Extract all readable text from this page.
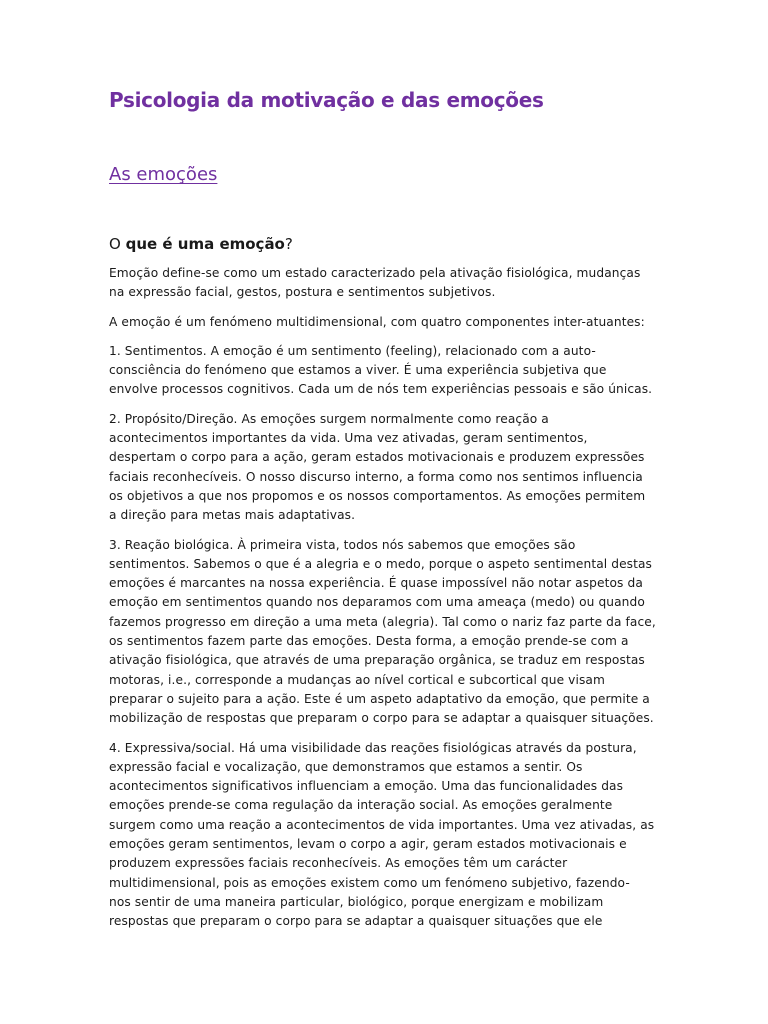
Psicologia da motivação e das emoções
As emoções

O que é uma emoção?

Emoção define-se como um estado caracterizado pela ativação fisiológica, mudanças
na expressão facial, gestos, postura e sentimentos subjetivos.

A emoção é um fenómeno multidimensional, com quatro componentes inter-atuantes:

1. Sentimentos. A emoção é um sentimento (feeling), relacionado com a auto-
consciência do fenómeno que estamos a viver. É uma experiência subjetiva que
envolve processos cognitivos. Cada um de nós tem experiências pessoais e são únicas.

2. Propósito/Direção. As emoções surgem normalmente como reação a
acontecimentos importantes da vida. Uma vez ativadas, geram sentimentos,
despertam o corpo para a ação, geram estados motivacionais e produzem expressões
faciais reconhecíveis. O nosso discurso interno, a forma como nos sentimos influencia
os objetivos a que nos propomos e os nossos comportamentos. As emoções permitem
a direção para metas mais adaptativas.

3. Reação biológica. À primeira vista, todos nós sabemos que emoções são
sentimentos. Sabemos o que é a alegria e o medo, porque o aspeto sentimental destas
emoções é marcantes na nossa experiência. É quase impossível não notar aspetos da
emoção em sentimentos quando nos deparamos com uma ameaça (medo) ou quando
fazemos progresso em direção a uma meta (alegria). Tal como o nariz faz parte da face,
os sentimentos fazem parte das emoções. Desta forma, a emoção prende-se com a
ativação fisiológica, que através de uma preparação orgânica, se traduz em respostas
motoras, i.e., corresponde a mudanças ao nível cortical e subcortical que visam
preparar o sujeito para a ação. Este é um aspeto adaptativo da emoção, que permite a
mobilização de respostas que preparam o corpo para se adaptar a quaisquer situações.

4. Expressiva/social. Há uma visibilidade das reações fisiológicas através da postura,
expressão facial e vocalização, que demonstramos que estamos a sentir. Os
acontecimentos significativos influenciam a emoção. Uma das funcionalidades das
emoções prende-se coma regulação da interação social. As emoções geralmente
surgem como uma reação a acontecimentos de vida importantes. Uma vez ativadas, as
emoções geram sentimentos, levam o corpo a agir, geram estados motivacionais e
produzem expressões faciais reconhecíveis. As emoções têm um carácter
multidimensional, pois as emoções existem como um fenómeno subjetivo, fazendo-
nos sentir de uma maneira particular, biológico, porque energizam e mobilizam
respostas que preparam o corpo para se adaptar a quaisquer situações que ele
